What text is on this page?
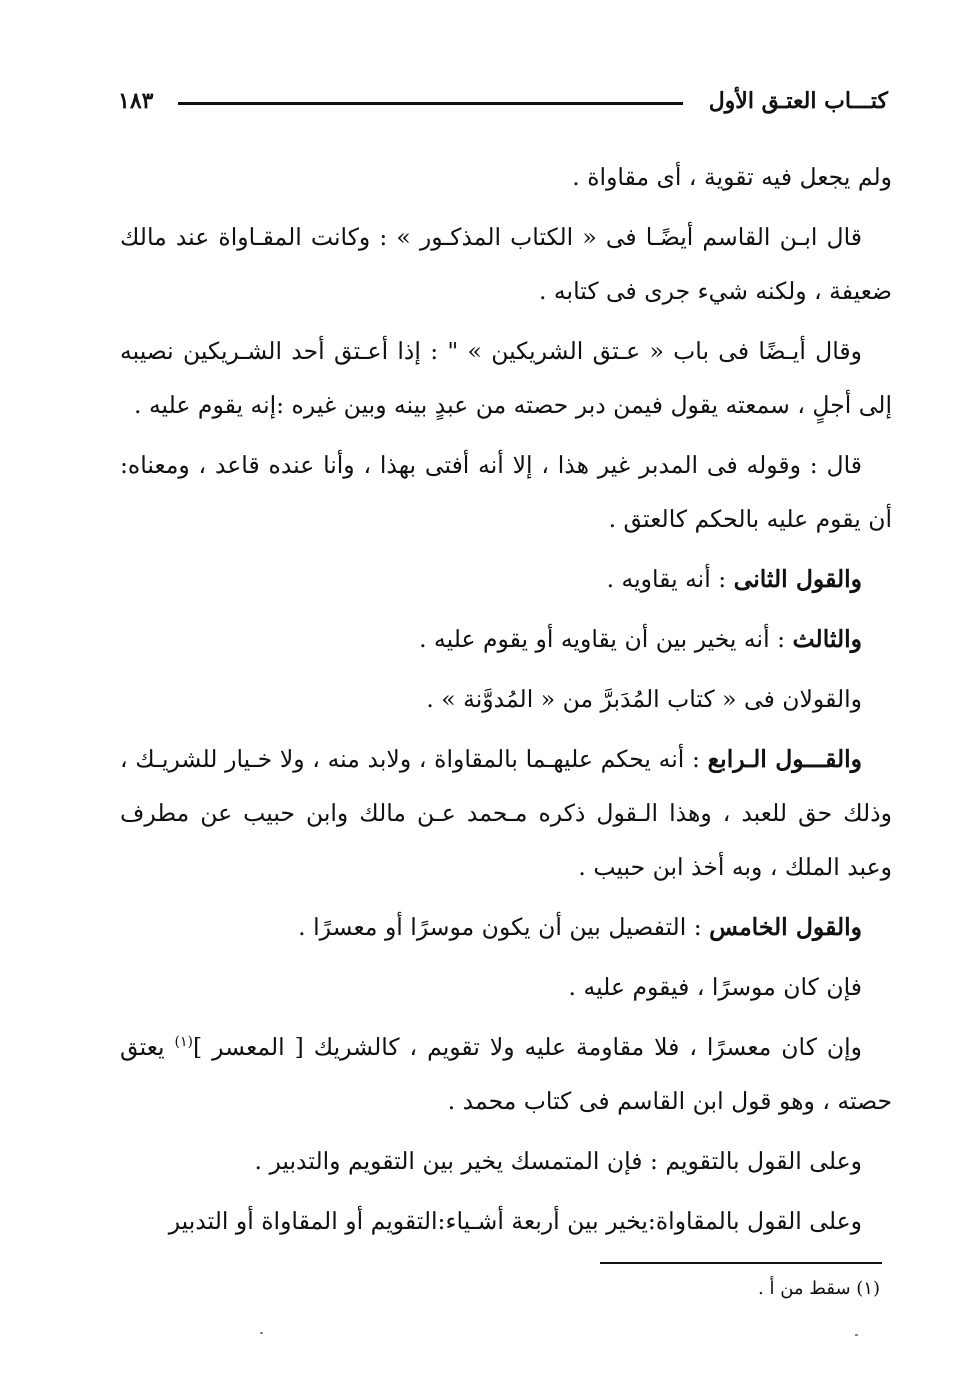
كتـــاب العتـق الأول
١٨٣

ولم يجعل فيه تقوية ، أى مقاواة .

قال ابـن القاسم أيضًـا فى « الكتاب المذكـور » : وكانت المقـاواة عند مالك ضعيفة ، ولكنه شيء جرى فى كتابه .

وقال أيـضًا فى باب « عـتق الشريكين » " : إذا أعـتق أحد الشـريكين نصيبه إلى أجلٍ ، سمعته يقول فيمن دبر حصته من عبدٍ بينه وبين غيره :إنه يقوم عليه .

قال : وقوله فى المدبر غير هذا ، إلا أنه أفتى بهذا ، وأنا عنده قاعد ، ومعناه: أن يقوم عليه بالحكم كالعتق .

والقول الثانى : أنه يقاويه .

والثالث : أنه يخير بين أن يقاويه أو يقوم عليه .

والقولان فى « كتاب المُدَبرَّ من « المُدوَّنة » .

والقـــول الـرابع : أنه يحكم عليهـما بالمقاواة ، ولابد منه ، ولا خـيار للشريـك ، وذلك حق للعبد ، وهذا الـقول ذكره مـحمد عـن مالك وابن حبيب عن مطرف وعبد الملك ، وبه أخذ ابن حبيب .

والقول الخامس : التفصيل بين أن يكون موسرًا أو معسرًا .

فإن كان موسرًا ، فيقوم عليه .

وإن كان معسرًا ، فلا مقاومة عليه ولا تقويم ، كالشريك [ المعسر ]$^{(١)}$ يعتق حصته ، وهو قول ابن القاسم فى كتاب محمد .

وعلى القول بالتقويم : فإن المتمسك يخير بين التقويم والتدبير .

وعلى القول بالمقاواة:يخير بين أربعة أشـياء:التقويم أو المقاواة أو التدبير

(١) سقط من أ .
